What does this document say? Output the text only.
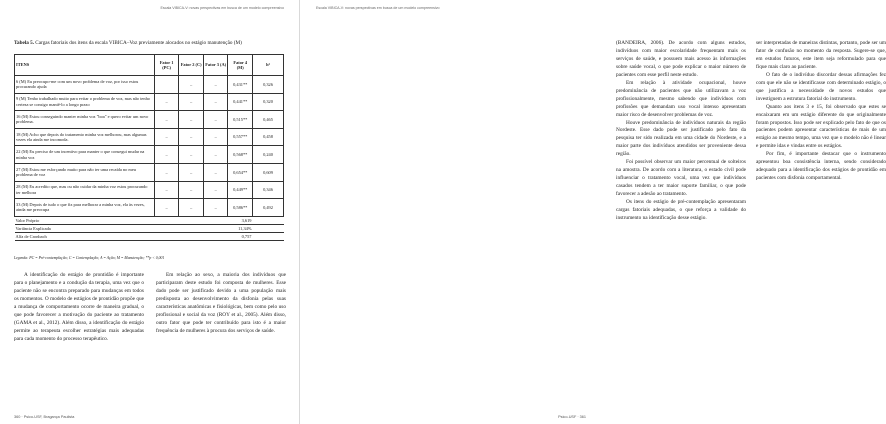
Escala VIBICA-V: novas perspectivas em busca de um modelo compreensivo
Tabela 5. Cargas fatoriais dos itens da escala VIBICA–Voz previamente alocados no estágio manutenção (M)
ITENS	Fator 1 (PC)	Fator 2 (C)	Fator 3 (A)	Fator 4 (M)	h²
6 (M) Eu preocupo-me com um novo problema de voz, por isso estou procurando ajuda		–	–	0,431**	0,326
9 (M) Tenho trabalhado muito para evitar o problema de voz, mas não tenho certeza se consigo mantê-lo a longo prazo	–	–	–	0,441**	0,320
16 (M) Estou conseguindo manter minha voz "boa" e quero evitar um novo problema.	–	–	–	0,515**	0,465
18 (M) Acho que depois do tratamento minha voz melhorou, mas algumas vezes ela ainda me incomoda.	–	–	–	0,557**	0,458
22 (M) Eu preciso de um incentivo para manter o que consegui mudar na minha voz	–	–	–	0,568**	0,240
27 (M) Estou me esforçando muito para não ter uma recaída no meu problema de voz	–	–	–	0,654**	0,609
28 (M) Eu acredito que, mas ou não cuidar da minha voz estou procurando ter melhora	–	–	–	0,449**	0,346
33 (M) Depois de tudo o que fiz para melhorar a minha voz, ela às vezes, ainda me preocupa	–	–	–	0,586**	0,492
Valor Próprio	3,619				
Variância Explicada	11,34%				
Alfa de Cronbach	0,757				
Legenda: PC = Pré-contemplação; C = Contemplação; A = Ação; M = Manutenção; **p < 0,001

A identificação do estágio de prontidão é importante para o planejamento e a condução da terapia, uma vez que o paciente não se encontra preparado para mudanças em todos os momentos. O modelo de estágios de prontidão propõe que a mudança de comportamento ocorre de maneira gradual, o que pode favorecer a motivação do paciente ao tratamento (GAMA et al., 2012). Além disso, a identificação do estágio permite ao terapeuta escolher estratégias mais adequadas para cada momento do processo terapêutico.

Em relação ao sexo, a maioria dos indivíduos que participaram deste estudo foi composta de mulheres. Esse dado pode ser justificado devido a uma população mais predisposta ao desenvolvimento da disfonia pelas suas características anatômicas e fisiológicas, bem como pelo uso profissional e social da voz (ROY et al., 2005). Além disso, outro fator que pode ter contribuído para isto é a maior frequência de mulheres à procura dos serviços de saúde.

360 · Psico-USF, Bragança Paulista
Escala VIBICA-V: novas perspectivas em busca de um modelo compreensivo

(BANDEIRA, 2006). De acordo com alguns estudos, indivíduos com maior escolaridade frequentam mais os serviços de saúde, e possuem mais acesso às informações sobre saúde vocal, o que pode explicar o maior número de pacientes com esse perfil neste estudo.

Em relação à atividade ocupacional, houve predominância de pacientes que não utilizavam a voz profissionalmente, mesmo sabendo que indivíduos com profissões que demandam uso vocal intenso apresentam maior risco de desenvolver problemas de voz.

Houve predominância de indivíduos naturais da região Nordeste. Esse dado pode ser justificado pelo fato da pesquisa ter sido realizada em uma cidade do Nordeste, e a maior parte dos indivíduos atendidos ser proveniente dessa região.

Foi possível observar um maior percentual de solteiros na amostra. De acordo com a literatura, o estado civil pode influenciar o tratamento vocal, uma vez que indivíduos casados tendem a ter maior suporte familiar, o que pode favorecer a adesão ao tratamento.

Os itens do estágio de pré-contemplação apresentaram cargas fatoriais adequadas, o que reforça a validade do instrumento na identificação desse estágio.

ser interpretadas de maneiras distintas, portanto, pode ser um fator de confusão no momento da resposta. Sugere-se que, em estudos futuros, este item seja reformulado para que fique mais claro ao paciente.

O fato de o indivíduo discordar dessas afirmações fez com que ele não se identificasse com determinado estágio, o que justifica a necessidade de novos estudos que investiguem a estrutura fatorial do instrumento.

Quanto aos itens 3 e 15, foi observado que estes se encaixaram em um estágio diferente do que originalmente foram propostos. Isso pode ser explicado pelo fato de que os pacientes podem apresentar características de mais de um estágio ao mesmo tempo, uma vez que o modelo não é linear e permite idas e vindas entre os estágios.

Por fim, é importante destacar que o instrumento apresentou boa consistência interna, sendo considerado adequado para a identificação dos estágios de prontidão em pacientes com disfonia comportamental.

Psico-USF · 361
